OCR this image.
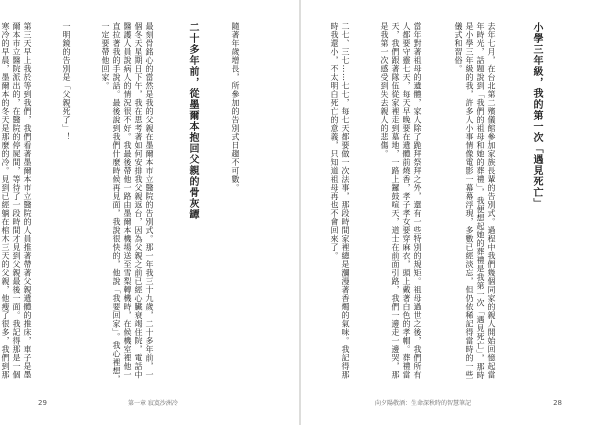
隨著年歲增長，所參加的告別式日趨不可數。

二十多年前，從墨爾本抱回父親的骨灰罈

最刻骨銘心的當然是我的父親在墨爾本市立醫院的告別式。那一年我三十九歲，二十多年前，一個冬天星期日下午，我在思考著如何安排我父親返台，因為父親之前已經心臟衰竭住院，電話中醫護人員說病人的情況很不好。我最後帶他一路由墨爾本機場送至雪梨轉機時，在候機室裡他一直拉著我的手說話。最後說到我們什麼時候再見面，我說很快的，他說「我要回家」。我心裡想，一定要帶他回家。

一明鏡的告別是「父親死了」！

第三天早上我於等到我們，我們看著墨爾本市立醫院的人員推著帶著父親遺體的推床，車子是墨爾本市立醫院派出的，在醫院的停屍間，等待了一段時間才見到父親最後一面。我記得那是一個寒冷的早晨，墨爾本的冬天是那麼的冷。見到已經躺在棺木三天的父親，他瘦了很多，我們到那

29	第一章 寂寞沙洲冷

小學三年級，我的第一次「遇見死亡」

去年七月，在台北第二殯儀館參加家族長輩的告別式。過程中我們幾個同家的親人開始回憶起當年時光，話題說到「我們的祖母和她的葬禮」，我便想起她的葬禮是我第一次「遇見死亡」，那時是小學三年級的我，許多人小事情像電影一幕幕浮現，多數已經淡忘，但仍依稀記得當時的一些儀式和習俗。

當年對著祖母的遺體，家人除了跪拜祭拜之外，還有一些特別的規矩。祖母過世之後，我們所有人都要守靈七天，每天早晚要在遺體前燒香，孝子孝女要穿麻衣，頭上戴著白色的孝帽。葬禮當天，我們跟著隊伍從家裡走到墓地，一路上鑼鼓喧天，道士在前面引路，我們一邊走一邊哭，那是我第一次感受到失去親人的悲傷。

二七、三七……七七，每七天都要做一次法事，那段時間家裡總是瀰漫著香燭的氣味。我記得那時我還小，不太明白死亡的意義，只知道祖母再也不會回來了。

向夕陽敬酒：生命深秋時的智慧筆記	28
